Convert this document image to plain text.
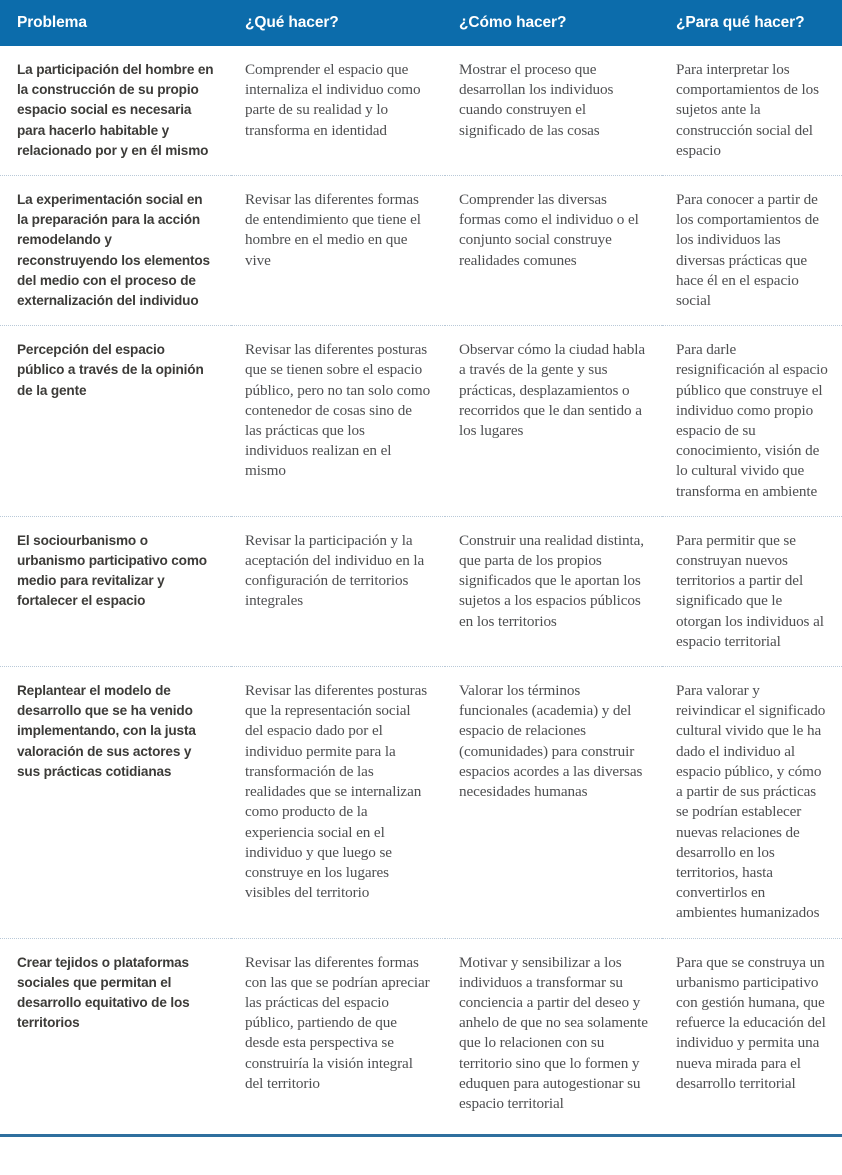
Problema	¿Qué hacer?	¿Cómo hacer?	¿Para qué hacer?
La participación del hombre en la construcción de su propio espacio social es necesaria para hacerlo habitable y relacionado por y en él mismo	Comprender el espacio que internaliza el individuo como parte de su realidad y lo transforma en identidad	Mostrar el proceso que desarrollan los individuos cuando construyen el significado de las cosas	Para interpretar los comportamientos de los sujetos ante la construcción social del espacio
La experimentación social en la preparación para la acción remodelando y reconstruyendo los elementos del medio con el proceso de externalización del individuo	Revisar las diferentes formas de entendimiento que tiene el hombre en el medio en que vive	Comprender las diversas formas como el individuo o el conjunto social construye realidades comunes	Para conocer a partir de los comportamientos de los individuos las diversas prácticas que hace él en el espacio social
Percepción del espacio público a través de la opinión de la gente	Revisar las diferentes posturas que se tienen sobre el espacio público, pero no tan solo como contenedor de cosas sino de las prácticas que los individuos realizan en el mismo	Observar cómo la ciudad habla a través de la gente y sus prácticas, desplazamientos o recorridos que le dan sentido a los lugares	Para darle resignificación al espacio público que construye el individuo como propio espacio de su conocimiento, visión de lo cultural vivido que transforma en ambiente
El sociourbanismo o urbanismo participativo como medio para revitalizar y fortalecer el espacio	Revisar la participación y la aceptación del individuo en la configuración de territorios integrales	Construir una realidad distinta, que parta de los propios significados que le aportan los sujetos a los espacios públicos en los territorios	Para permitir que se construyan nuevos territorios a partir del significado que le otorgan los individuos al espacio territorial
Replantear el modelo de desarrollo que se ha venido implementando, con la justa valoración de sus actores y sus prácticas cotidianas	Revisar las diferentes posturas que la representación social del espacio dado por el individuo permite para la transformación de las realidades que se internalizan como producto de la experiencia social en el individuo y que luego se construye en los lugares visibles del territorio	Valorar los términos funcionales (academia) y del espacio de relaciones (comunidades) para construir espacios acordes a las diversas necesidades humanas	Para valorar y reivindicar el significado cultural vivido que le ha dado el individuo al espacio público, y cómo a partir de sus prácticas se podrían establecer nuevas relaciones de desarrollo en los territorios, hasta convertirlos en ambientes humanizados
Crear tejidos o plataformas sociales que permitan el desarrollo equitativo de los territorios	Revisar las diferentes formas con las que se podrían apreciar las prácticas del espacio público, partiendo de que desde esta perspectiva se construiría la visión integral del territorio	Motivar y sensibilizar a los individuos a transformar su conciencia a partir del deseo y anhelo de que no sea solamente que lo relacionen con su territorio sino que lo formen y eduquen para autogestionar su espacio territorial	Para que se construya un urbanismo participativo con gestión humana, que refuerce la educación del individuo y permita una nueva mirada para el desarrollo territorial
